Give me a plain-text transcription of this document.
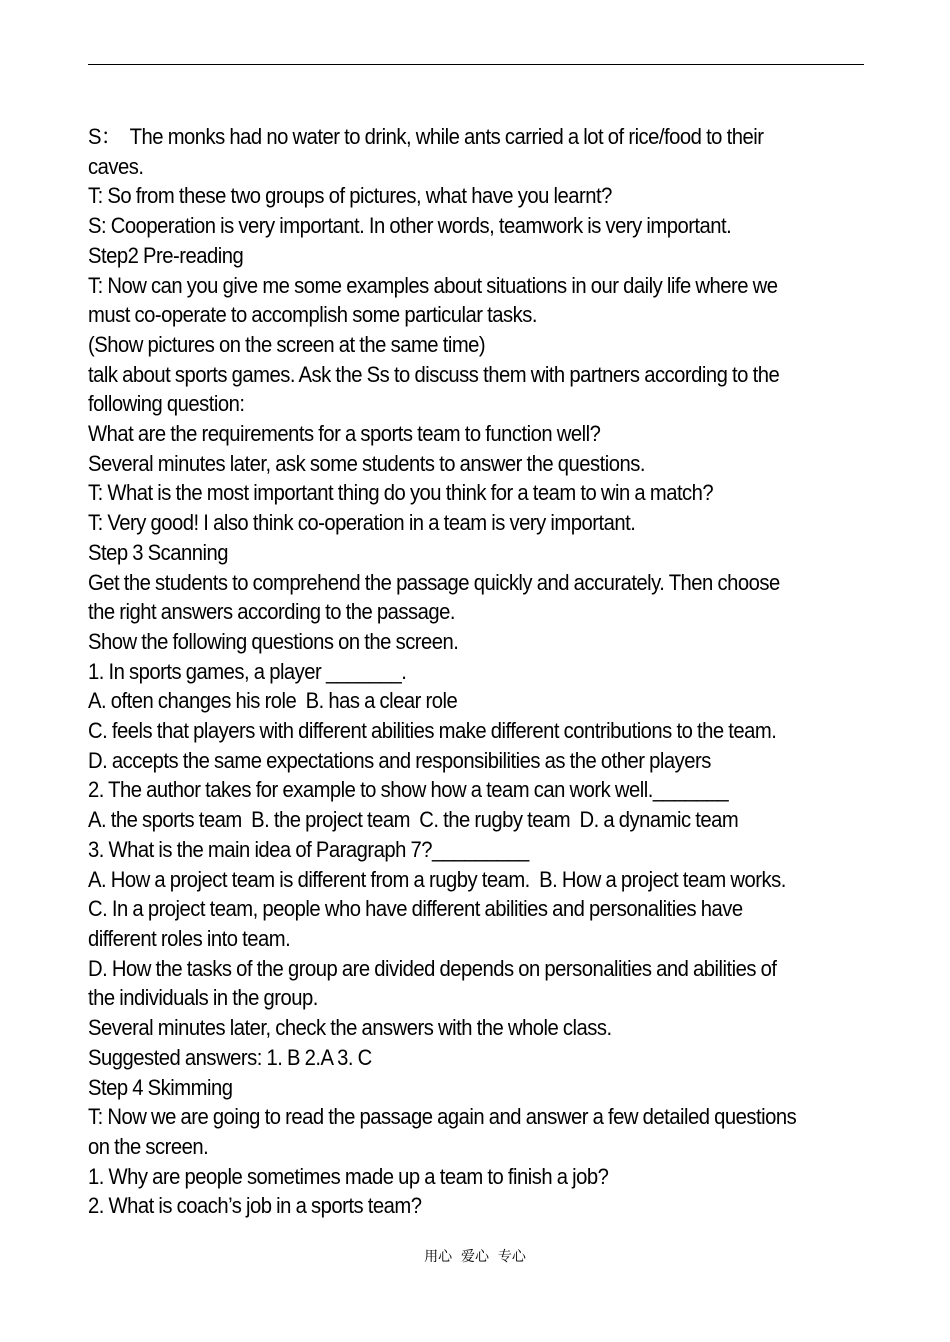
S：  The monks had no water to drink, while ants carried a lot of rice/food to their caves.

T: So from these two groups of pictures, what have you learnt?

S: Cooperation is very important. In other words, teamwork is very important.

Step2 Pre-reading

T: Now can you give me some examples about situations in our daily life where we must co-operate to accomplish some particular tasks.

(Show pictures on the screen at the same time)

talk about sports games. Ask the Ss to discuss them with partners according to the following question:

What are the requirements for a sports team to function well?

Several minutes later, ask some students to answer the questions.

T: What is the most important thing do you think for a team to win a match?

T: Very good! I also think co-operation in a team is very important.

Step 3 Scanning

Get the students to comprehend the passage quickly and accurately. Then choose the right answers according to the passage.

Show the following questions on the screen.

1. In sports games, a player _______.

A. often changes his role  B. has a clear role

C. feels that players with different abilities make different contributions to the team.

D. accepts the same expectations and responsibilities as the other players

2. The author takes for example to show how a team can work well._______

A. the sports team  B. the project team  C. the rugby team  D. a dynamic team

3. What is the main idea of Paragraph 7?_________

A. How a project team is different from a rugby team.  B. How a project team works.

C. In a project team, people who have different abilities and personalities have different roles into team.

D. How the tasks of the group are divided depends on personalities and abilities of the individuals in the group.

Several minutes later, check the answers with the whole class.

Suggested answers: 1. B 2.A 3. C

Step 4 Skimming

T: Now we are going to read the passage again and answer a few detailed questions on the screen.

1. Why are people sometimes made up a team to finish a job?

2. What is coach’s job in a sports team?

用心  爱心  专心
